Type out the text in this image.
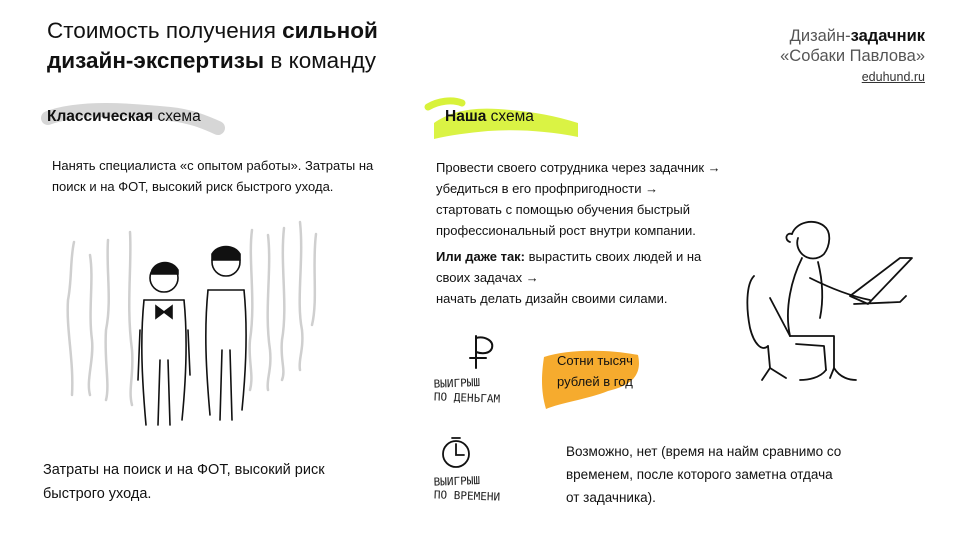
Стоимость получения сильной
дизайн-экспертизы в команду
Дизайн-задачник
«Собаки Павлова»
eduhund.ru
Классическая схема
Нанять специалиста «с опытом работы». Затраты на поиск и на ФОТ, высокий риск быстрого ухода.
Затраты на поиск и на ФОТ, высокий риск быстрого ухода.
Наша схема
Провести своего сотрудника через задачник →
убедиться в его профпригодности →
стартовать с помощью обучения быстрый
профессиональный рост внутри компании.
Или даже так: вырастить своих людей и на
своих задачах →
начать делать дизайн своими силами.
ВЫИГРЫШ
ПО ДЕНЬГАМ
Сотни тысяч
рублей в год
ВЫИГРЫШ
ПО ВРЕМЕНИ
Возможно, нет (время на найм сравнимо со
временем, после которого заметна отдача
от задачника).
